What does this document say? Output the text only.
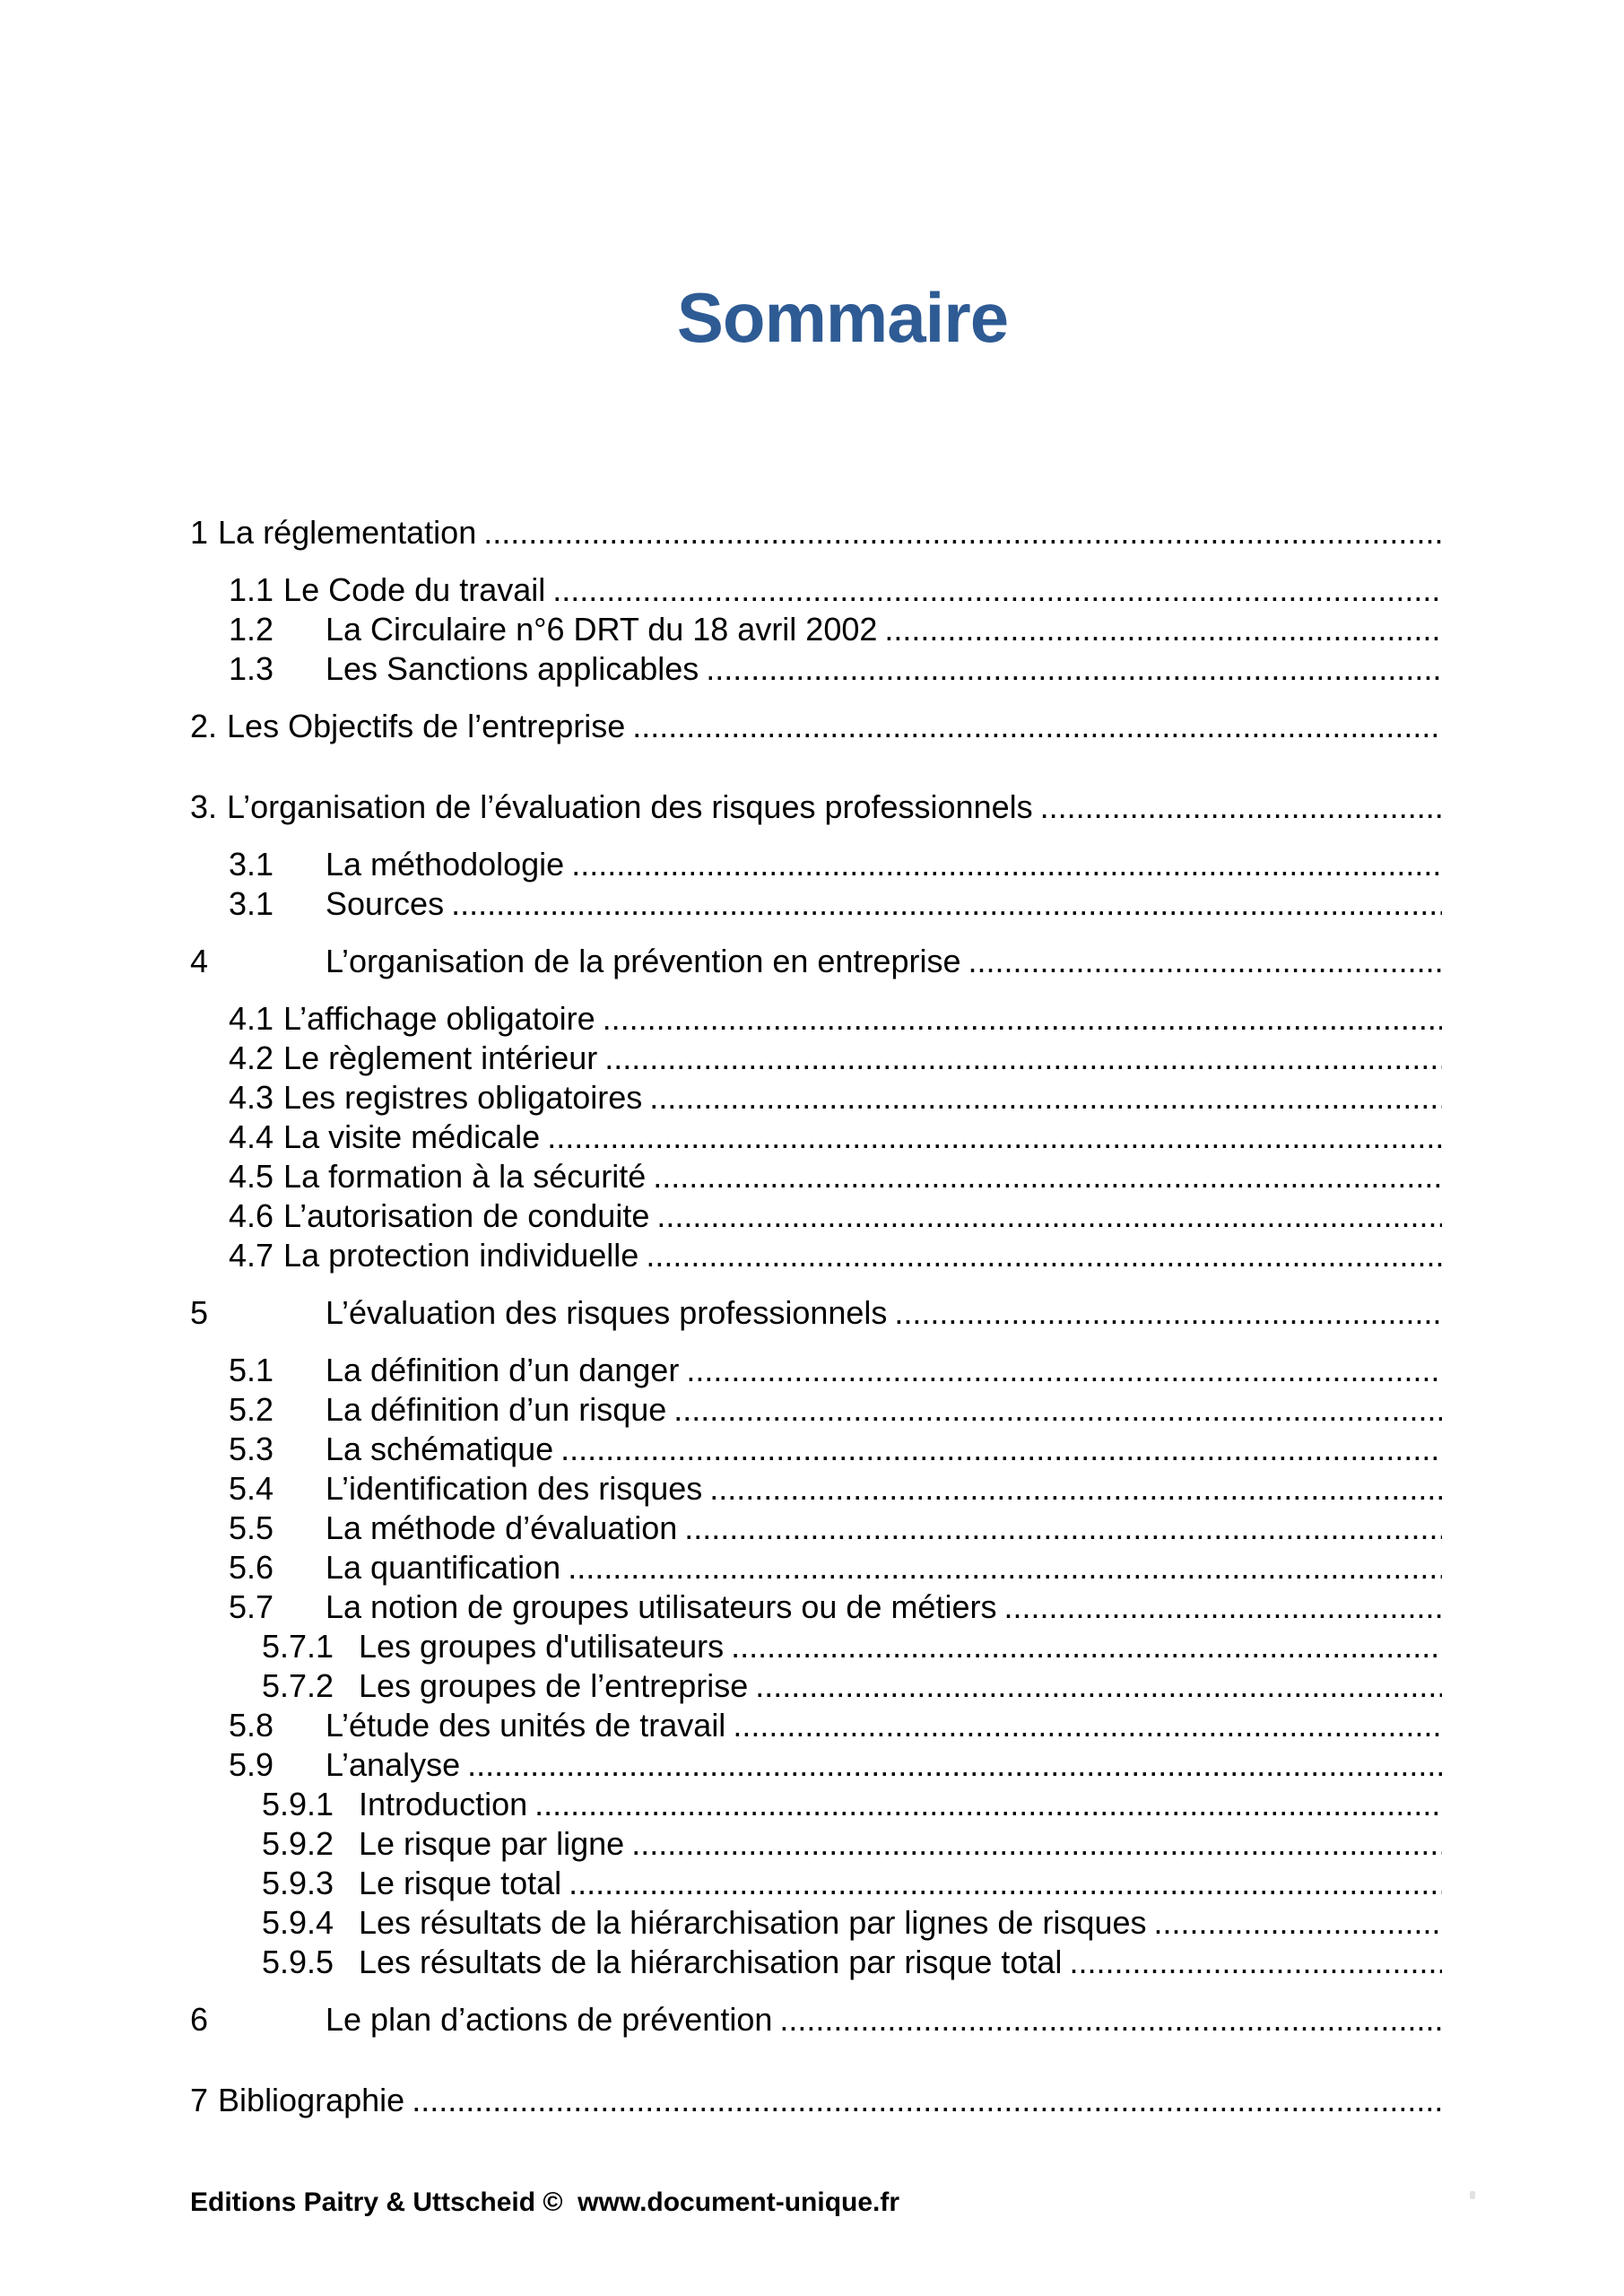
Sommaire
1 La réglementation
.....
1.1 Le Code du travail
.....
1.2	La Circulaire n°6 DRT du 18 avril 2002
.....
1.3	Les Sanctions applicables
.....
2. Les Objectifs de l’entreprise
.....
3. L’organisation de l’évaluation des risques professionnels
.....
3.1	La méthodologie
.....
3.1	Sources
.....
4	L’organisation de la prévention en entreprise
.....
4.1 L’affichage obligatoire
.....
4.2 Le règlement intérieur
.....
4.3 Les registres obligatoires
.....
4.4 La visite médicale
.....
4.5 La formation à la sécurité
.....
4.6 L’autorisation de conduite
.....
4.7 La protection individuelle
.....
5	L’évaluation des risques professionnels
.....
5.1	La définition d’un danger
.....
5.2	La définition d’un risque
.....
5.3	La schématique
.....
5.4	L’identification des risques
.....
5.5	La méthode d’évaluation
.....
5.6	La quantification
.....
5.7	La notion de groupes utilisateurs ou de métiers
.....
5.7.1 Les groupes d'utilisateurs
.....
5.7.2 Les groupes de l’entreprise
.....
5.8	L’étude des unités de travail
.....
5.9	L’analyse
.....
5.9.1 Introduction
.....
5.9.2 Le risque par ligne
.....
5.9.3 Le risque total
.....
5.9.4 Les résultats de la hiérarchisation par lignes de risques
.....
5.9.5 Les résultats de la hiérarchisation par risque total
.....
6	Le plan d’actions de prévention
.....
7 Bibliographie
.....
Editions Paitry & Uttscheid ©  www.document-unique.fr
